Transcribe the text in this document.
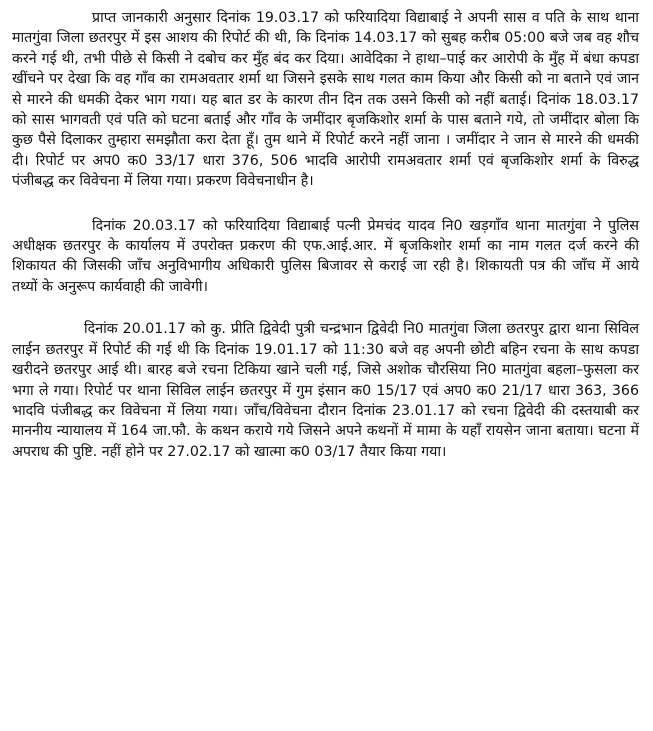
प्राप्त जानकारी अनुसार दिनांक 19.03.17 को फरियादिया विद्याबाई ने अपनी सास व पति के साथ थाना मातगुंवा जिला छतरपुर में इस आशय की रिपोर्ट की थी, कि दिनांक 14.03.17 को सुबह करीब 05:00 बजे जब वह शौच करने गई थी, तभी पीछे से किसी ने दबोच कर मुँह बंद कर दिया। आवेदिका ने हाथा–पाई कर आरोपी के मुँह में बंधा कपडा खींचने पर देखा कि वह गाँव का रामअवतार शर्मा था जिसने इसके साथ गलत काम किया और किसी को ना बताने एवं जान से मारने की धमकी देकर भाग गया। यह बात डर के कारण तीन दिन तक उसने किसी को नहीं बताई। दिनांक 18.03.17 को सास भागवती एवं पति को घटना बताई और गाँव के जमींदार बृजकिशोर शर्मा के पास बताने गये, तो जमींदार बोला कि कुछ पैसे दिलाकर तुम्हारा समझौता करा देता हूँ। तुम थाने में रिपोर्ट करने नहीं जाना । जमींदार ने जान से मारने की धमकी दी। रिपोर्ट पर अप0 क0 33/17 धारा 376, 506 भादवि आरोपी रामअवतार शर्मा एवं बृजकिशोर शर्मा के विरुद्ध पंजीबद्ध कर विवेचना में लिया गया। प्रकरण विवेचनाधीन है।

दिनांक 20.03.17 को फरियादिया विद्याबाई पत्नी प्रेमचंद यादव नि0 खड़गाँव थाना मातगुंवा ने पुलिस अधीक्षक छतरपुर के कार्यालय में उपरोक्त प्रकरण की एफ.आई.आर. में बृजकिशोर शर्मा का नाम गलत दर्ज करने की शिकायत की जिसकी जाँच अनुविभागीय अधिकारी पुलिस बिजावर से कराई जा रही है। शिकायती पत्र की जाँच में आये तथ्यों के अनुरूप कार्यवाही की जावेगी।

दिनांक 20.01.17 को कु. प्रीति द्विवेदी पुत्री चन्द्रभान द्विवेदी नि0 मातगुंवा जिला छतरपुर द्वारा थाना सिविल लाईन छतरपुर में रिपोर्ट की गई थी कि दिनांक 19.01.17 को 11:30 बजे वह अपनी छोटी बहिन रचना के साथ कपडा खरीदने छतरपुर आई थी। बारह बजे रचना टिकिया खाने चली गई, जिसे अशोक चौरसिया नि0 मातगुंवा बहला–फुसला कर भगा ले गया। रिपोर्ट पर थाना सिविल लाईन छतरपुर में गुम इंसान क0 15/17 एवं अप0 क0 21/17 धारा 363, 366 भादवि पंजीबद्ध कर विवेचना में लिया गया। जाँच/विवेचना दौरान दिनांक 23.01.17 को रचना द्विवेदी की दस्तयाबी कर माननीय न्यायालय में 164 जा.फौ. के कथन कराये गये जिसने अपने कथनों में मामा के यहाँ रायसेन जाना बताया। घटना में अपराध की पुष्टि. नहीं होने पर 27.02.17 को खात्मा क0 03/17 तैयार किया गया।
